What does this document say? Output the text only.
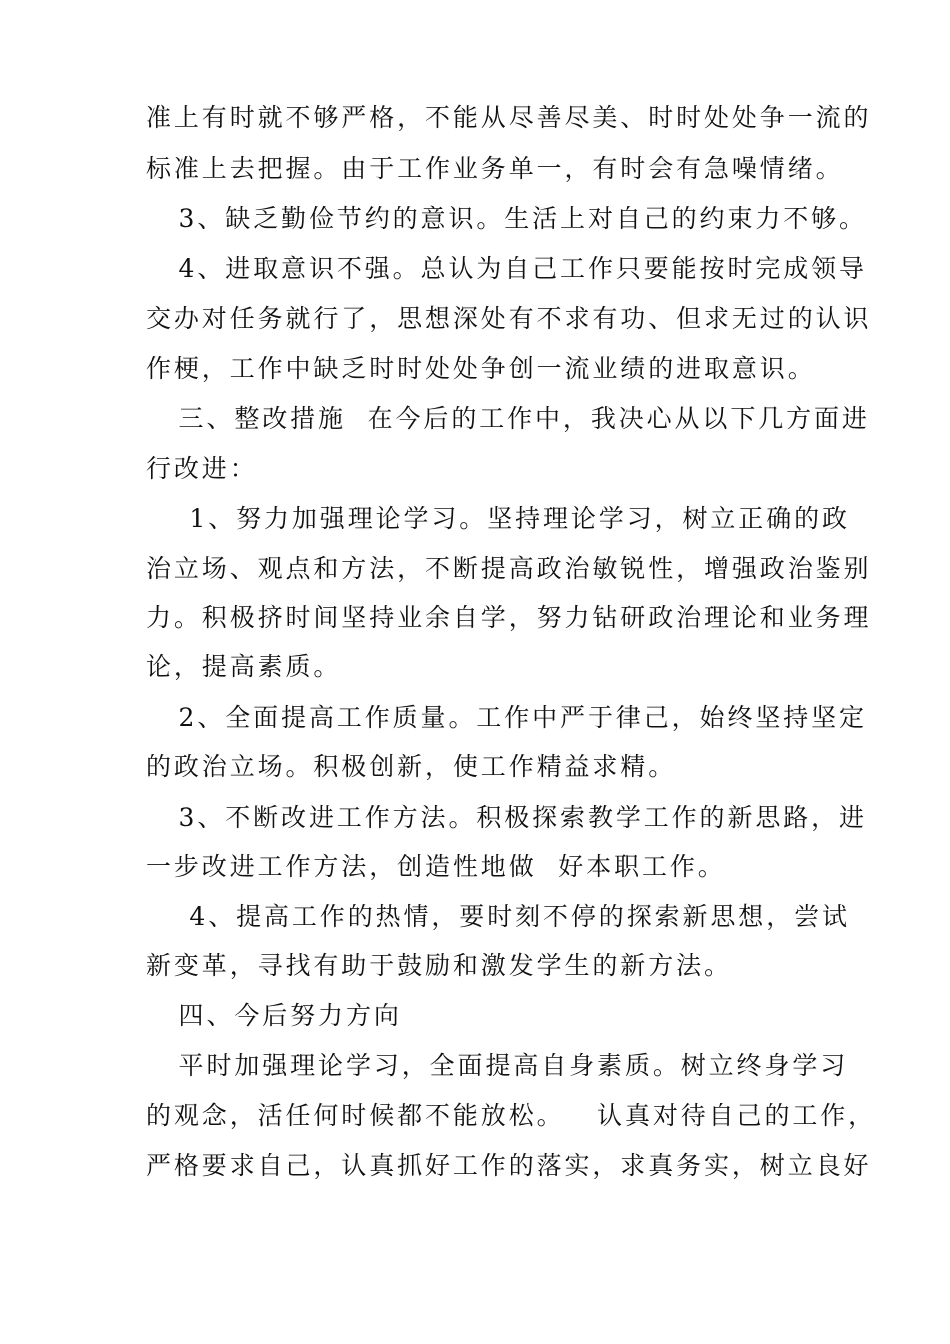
准上有时就不够严格，不能从尽善尽美、时时处处争一流的
标准上去把握。由于工作业务单一，有时会有急噪情绪。
3、缺乏勤俭节约的意识。生活上对自己的约束力不够。
4、进取意识不强。总认为自己工作只要能按时完成领导
交办对任务就行了，思想深处有不求有功、但求无过的认识
作梗，工作中缺乏时时处处争创一流业绩的进取意识。
三、整改措施  在今后的工作中，我决心从以下几方面进
行改进：
1、努力加强理论学习。坚持理论学习，树立正确的政
治立场、观点和方法，不断提高政治敏锐性，增强政治鉴别
力。积极挤时间坚持业余自学，努力钻研政治理论和业务理
论，提高素质。
2、全面提高工作质量。工作中严于律己，始终坚持坚定
的政治立场。积极创新，使工作精益求精。
3、不断改进工作方法。积极探索教学工作的新思路，进
一步改进工作方法，创造性地做  好本职工作。
4、提高工作的热情，要时刻不停的探索新思想，尝试
新变革，寻找有助于鼓励和激发学生的新方法。
四、今后努力方向
平时加强理论学习，全面提高自身素质。树立终身学习
的观念，活任何时候都不能放松。   认真对待自己的工作，
严格要求自己，认真抓好工作的落实，求真务实，树立良好
